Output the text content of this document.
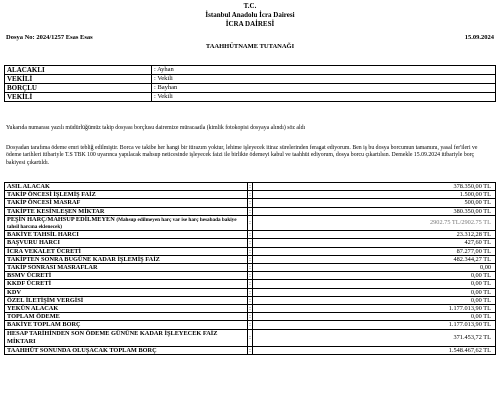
T.C.
İstanbul Anadolu İcra Dairesi
İCRA DAİRESİ
Dosya No: 2024/1257 Esas Esas	15.09.2024
TAAHHÜTNAME TUTANAĞI
ALACAKLI	: Ayhan
VEKİLİ	: Vekili
BORÇLU	: Bayhan
VEKİLİ	: Vekili
Yukarıda numarası yazılı müdürlüğümüz takip dosyası borçlusu dairemize müracaatla (kimlik fotokopisi dosyaya alındı) söz aldı
Dosyadan tarafıma ödeme emri tebliğ edilmiştir. Borca ve takibe her hangi bir itirazım yoktur, lehime işleyecek itiraz sürelerinden feragat ediyorum. Ben iş bu dosya borcumun tamamını, yasal fer'ileri ve ödeme tarihleri itibariyle T.S TBK 100 uyarınca yapılacak mahsup neticesinde işleyecek faizi ile birlikte ödemeyi kabul ve taahhüt ediyorum, dosya borcu çıkartılsın. Demekle 15.09.2024 itibariyle borç bakiyesi çıkartıldı.
ASIL ALACAK	:	378.350,00 TL
TAKİP ÖNCESİ İŞLEMİŞ FAİZ	:	1.500,00 TL
TAKİP ÖNCESİ MASRAF	:	500,00 TL
TAKİPTE KESİNLEŞEN MİKTAR	:	380.350,00 TL
PEŞİN HARÇ/MAHSUP EDİLMEYEN (Mahsup edilmeyen harç var ise harç hesabada bakiye tahsil harcına eklenecek)	:	2902.75 TL/2902.75 TL
BAKİYE TAHSİL HARCI	:	23.312,28 TL
BAŞVURU HARCI	:	427,60 TL
İCRA VEKALET ÜCRETİ	:	87.277,00 TL
TAKİPTEN SONRA BUGÜNE KADAR İŞLEMİŞ FAİZ	:	482.344,27 TL
TAKİP SONRASI MASRAFLAR	:	0,00
BSMV ÜCRETİ	:	0,00 TL
KKDF ÜCRETİ	:	0,00 TL
KDV	:	0,00 TL
ÖZEL İLETİŞİM VERGİSİ	:	0,00 TL
YEKÜN ALACAK	:	1.177.013,90 TL
TOPLAM ÖDEME	:	0,00 TL
BAKİYE TOPLAM BORÇ	:	1.177.013,90 TL
HESAP TARİHİNDEN SON ÖDEME GÜNÜNE KADAR İŞLEYECEK FAİZ MİKTARI	:	371.453,72 TL
TAAHHÜT SONUNDA OLUŞACAK TOPLAM BORÇ	:	1.548.467,62 TL
